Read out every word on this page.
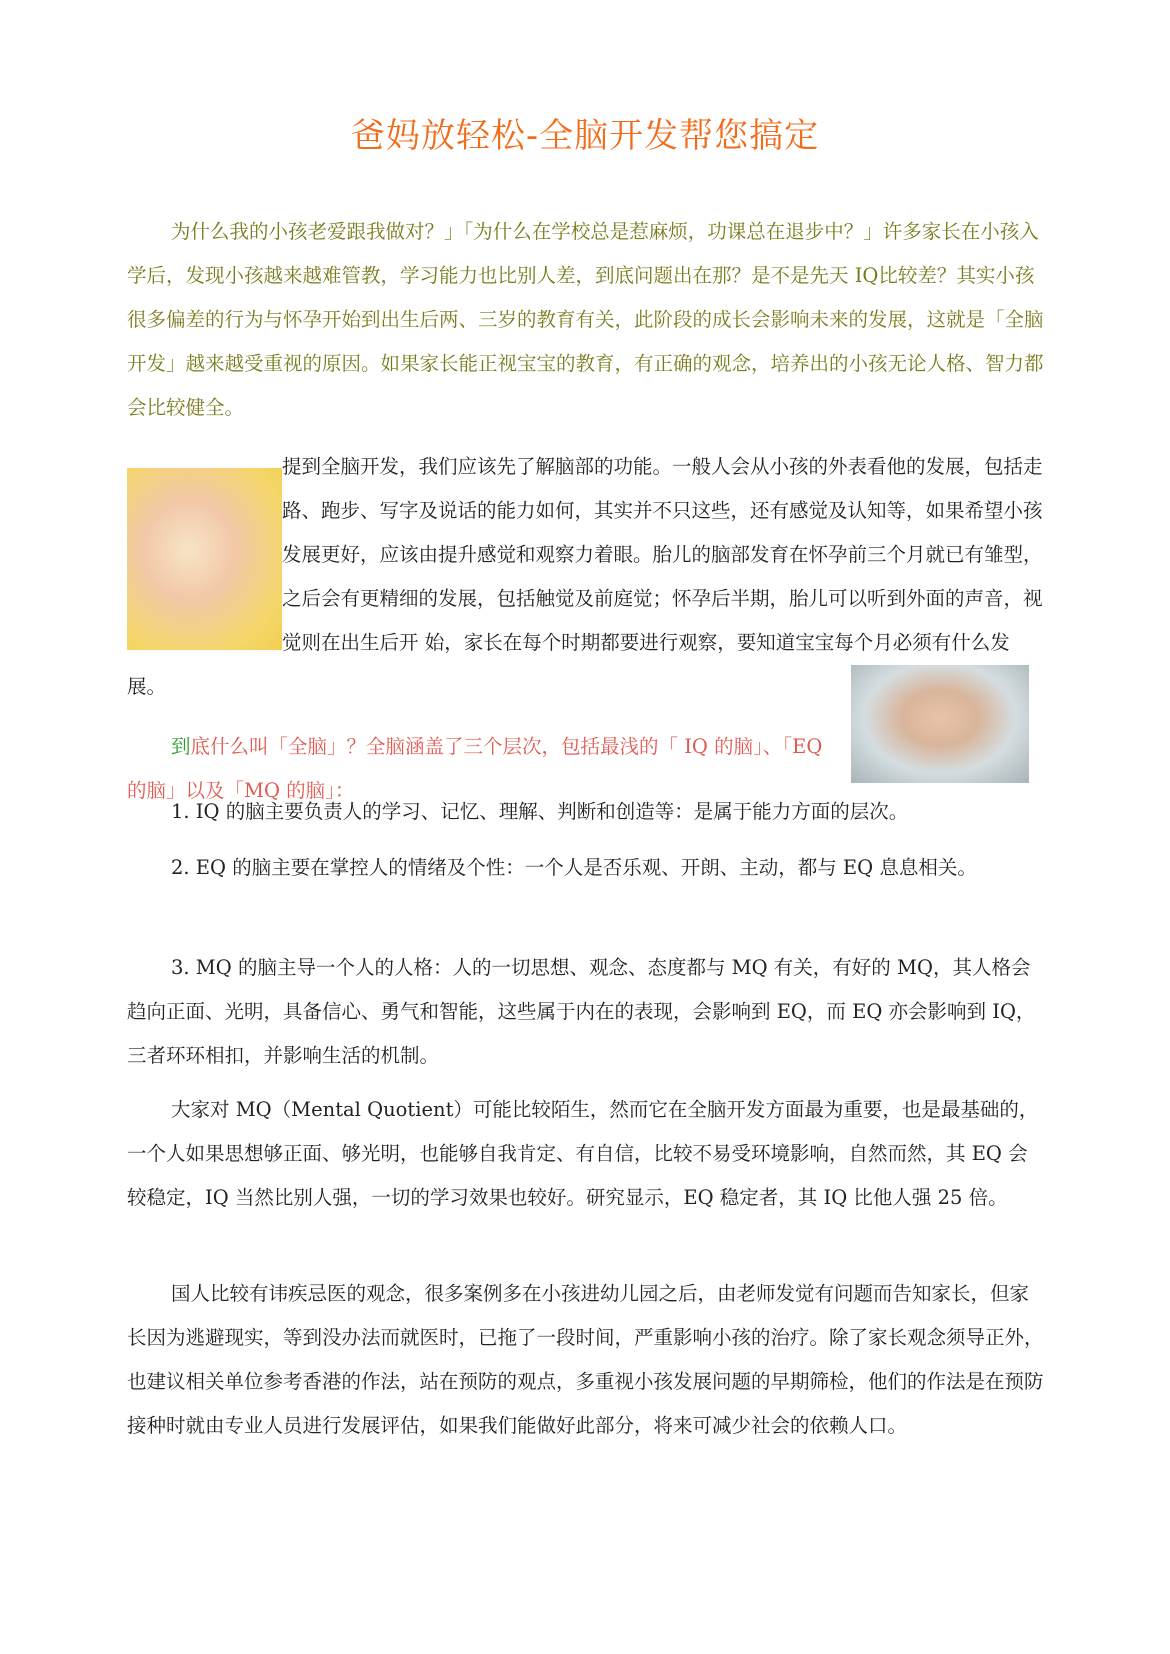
爸妈放轻松-全脑开发帮您搞定
为什么我的小孩老爱跟我做对？」「为什么在学校总是惹麻烦，功课总在退步中？」许多家长在小孩入学后，发现小孩越来越难管教，学习能力也比别人差，到底问题出在那？是不是先天 IQ比较差？其实小孩很多偏差的行为与怀孕开始到出生后两、三岁的教育有关，此阶段的成长会影响未来的发展，这就是「全脑开发」越来越受重视的原因。如果家长能正视宝宝的教育，有正确的观念，培养出的小孩无论人格、智力都会比较健全。
提到全脑开发，我们应该先了解脑部的功能。一般人会从小孩的外表看他的发展，包括走路、跑步、写字及说话的能力如何，其实并不只这些，还有感觉及认知等，如果希望小孩发展更好，应该由提升感觉和观察力着眼。胎儿的脑部发育在怀孕前三个月就已有雏型，之后会有更精细的发展，包括触觉及前庭觉；怀孕后半期，胎儿可以听到外面的声音，视觉则在出生后开 始，家长在每个时期都要进行观察，要知道宝宝每个月必须有什么发展。
到底什么叫「全脑」？全脑涵盖了三个层次，包括最浅的「 IQ 的脑」、「EQ 的脑」以及「MQ 的脑」：
1. IQ 的脑主要负责人的学习、记忆、理解、判断和创造等：是属于能力方面的层次。
2. EQ 的脑主要在掌控人的情绪及个性：一个人是否乐观、开朗、主动，都与 EQ 息息相关。
3. MQ 的脑主导一个人的人格：人的一切思想、观念、态度都与 MQ 有关，有好的 MQ，其人格会趋向正面、光明，具备信心、勇气和智能，这些属于内在的表现，会影响到 EQ，而 EQ 亦会影响到 IQ，三者环环相扣，并影响生活的机制。
大家对 MQ（Mental Quotient）可能比较陌生，然而它在全脑开发方面最为重要，也是最基础的，一个人如果思想够正面、够光明，也能够自我肯定、有自信，比较不易受环境影响，自然而然，其 EQ 会较稳定，IQ 当然比别人强，一切的学习效果也较好。研究显示，EQ 稳定者，其 IQ 比他人强 25 倍。
国人比较有讳疾忌医的观念，很多案例多在小孩进幼儿园之后，由老师发觉有问题而告知家长，但家长因为逃避现实，等到没办法而就医时，已拖了一段时间，严重影响小孩的治疗。除了家长观念须导正外，也建议相关单位参考香港的作法，站在预防的观点，多重视小孩发展问题的早期筛检，他们的作法是在预防接种时就由专业人员进行发展评估，如果我们能做好此部分，将来可减少社会的依赖人口。
